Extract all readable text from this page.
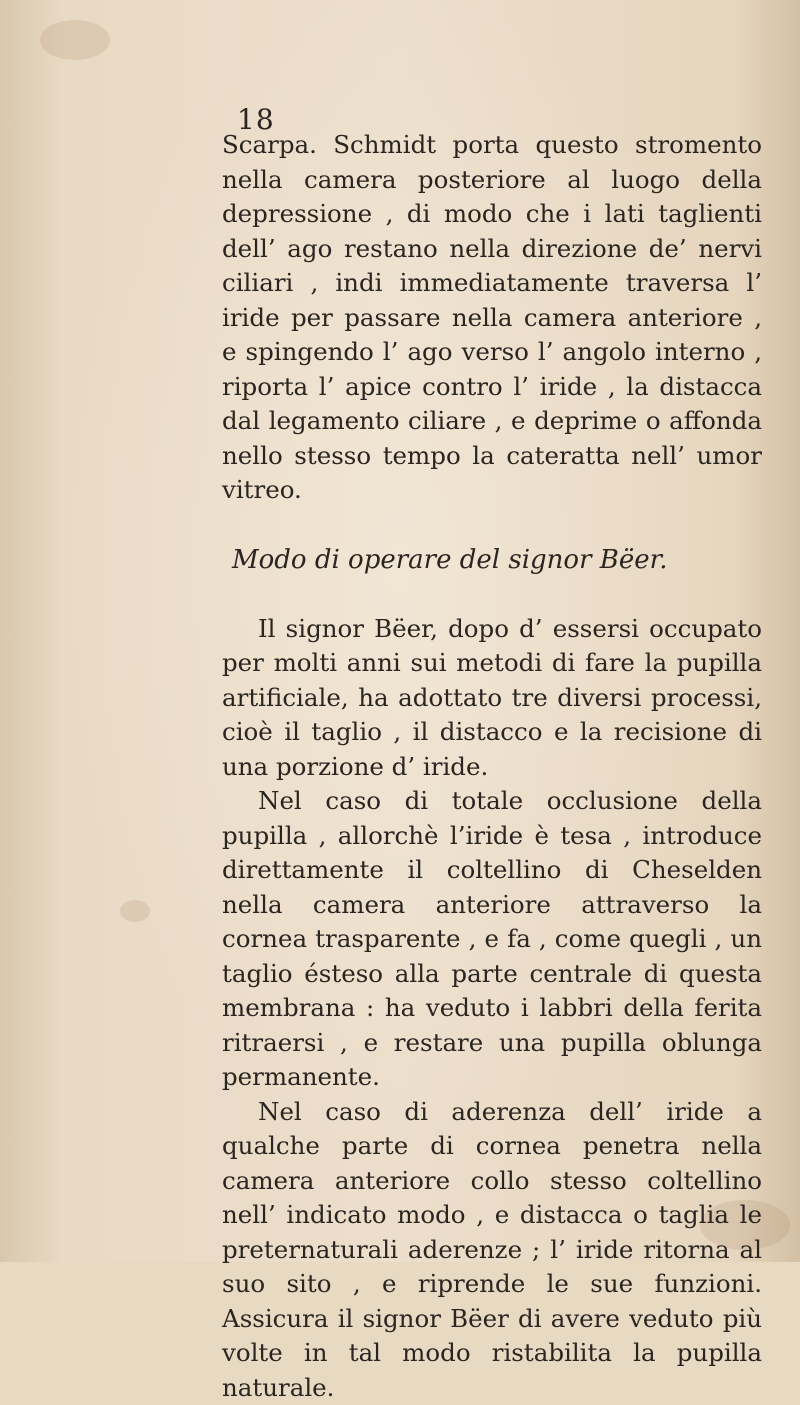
18

Scarpa. Schmidt porta questo stromento nella camera posteriore al luogo della depressione , di modo che i lati taglienti dell’ ago restano nella direzione de’ nervi ciliari , indi immediatamente traversa l’ iride per passare nella camera anteriore , e spingendo l’ ago verso l’ angolo interno , riporta l’ apice contro l’ iride , la distacca dal legamento ciliare , e deprime o affonda nello stesso tempo la cateratta nell’ umor vitreo.

Modo di operare del signor Bëer.

Il signor Bëer, dopo d’ essersi occupato per molti anni sui metodi di fare la pupilla artificiale, ha adottato tre diversi processi, cioè il taglio , il distacco e la recisione di una porzione d’ iride.

Nel caso di totale occlusione della pupilla , allorchè l’iride è tesa , introduce direttamente il coltellino di Cheselden nella camera anteriore attraverso la cornea trasparente , e fa , come quegli , un taglio ésteso alla parte centrale di questa membrana : ha veduto i labbri della ferita ritraersi , e restare una pupilla oblunga permanente.

Nel caso di aderenza dell’ iride a qualche parte di cornea penetra nella camera anteriore collo stesso coltellino nell’ indicato modo , e distacca o taglia le preternaturali aderenze ; l’ iride ritorna al suo sito , e riprende le sue funzioni. Assicura il signor Bëer di avere veduto più volte in tal modo ristabilita la pupilla naturale.
